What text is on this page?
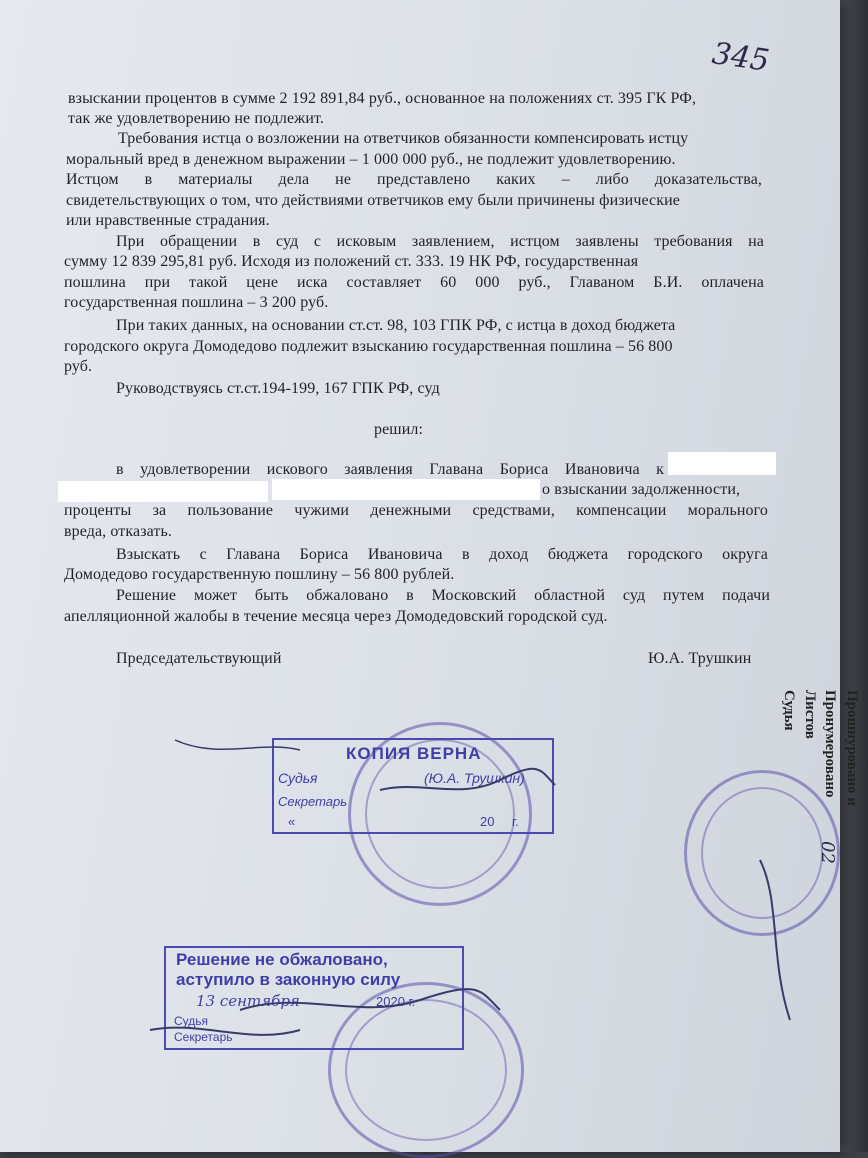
345
взыскании процентов в сумме 2 192 891,84 руб., основанное на положениях ст. 395 ГК РФ,
так же удовлетворению не подлежит.
Требования истца о возложении на ответчиков обязанности компенсировать истцу
моральный вред в денежном выражении – 1 000 000 руб., не подлежит удовлетворению.
Истцом в материалы дела не представлено каких – либо доказательства,
свидетельствующих о том, что действиями ответчиков ему были причинены физические
или нравственные страдания.
При обращении в суд с исковым заявлением, истцом заявлены требования на
сумму 12 839 295,81 руб. Исходя из положений ст. 333. 19 НК РФ, государственная
пошлина при такой цене иска составляет 60 000 руб., Главаном Б.И. оплачена
государственная пошлина – 3 200 руб.
При таких данных, на основании ст.ст. 98, 103 ГПК РФ, с истца в доход бюджета
городского округа Домодедово подлежит взысканию государственная пошлина – 56 800
руб.
Руководствуясь ст.ст.194-199, 167 ГПК РФ, суд
решил:
в удовлетворении искового заявления Главана Бориса Ивановича к
о взыскании задолженности,
проценты за пользование чужими денежными средствами, компенсации морального
вреда, отказать.
Взыскать с Главана Бориса Ивановича в доход бюджета городского округа
Домодедово государственную пошлину – 56 800 рублей.
Решение может быть обжаловано в Московский областной суд путем подачи
апелляционной жалобы в течение месяца через Домодедовский городской суд.
Председательствующий	Ю.А. Трушкин
КОПИЯ ВЕРНА
Судья	(Ю.А. Трушкин)
Секретарь
«	20 г.
Решение не обжаловано,
аступило в законную силу
13 сентября	2020 г.
Судья
Секретарь
Прошнуровано и
Пронумеровано
Листов
Судья
02
